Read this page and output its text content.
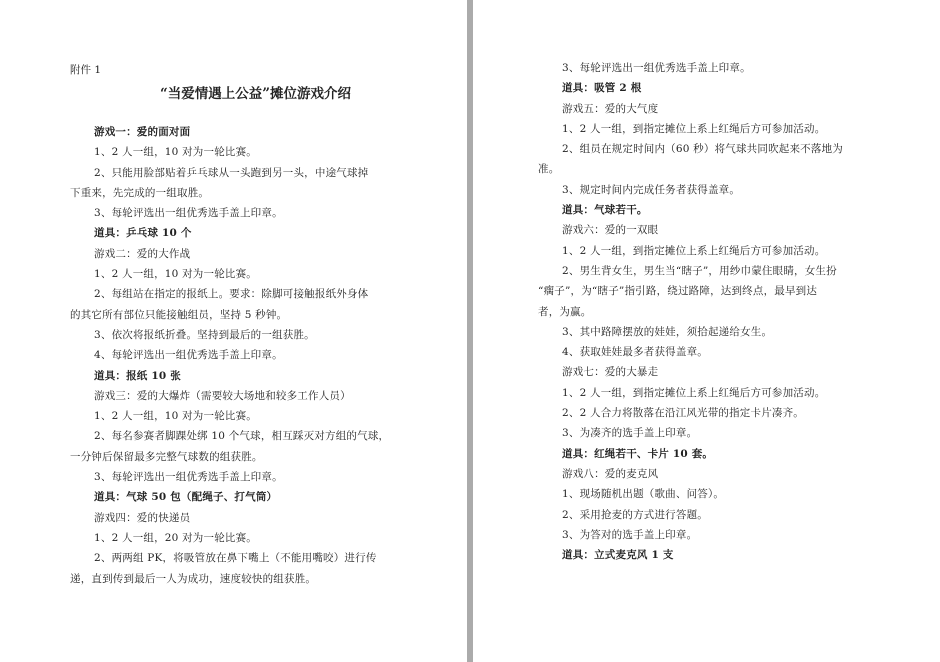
附件 1
“当爱情遇上公益”摊位游戏介绍
游戏一：爱的面对面
1、2 人一组，10 对为一轮比赛。
2、只能用脸部贴着乒乓球从一头跑到另一头，中途气球掉
下重来，先完成的一组取胜。
3、每轮评选出一组优秀选手盖上印章。
道具：乒乓球 10 个
游戏二：爱的大作战
1、2 人一组，10 对为一轮比赛。
2、每组站在指定的报纸上。要求：除脚可接触报纸外身体
的其它所有部位只能接触组员，坚持 5 秒钟。
3、依次将报纸折叠。坚持到最后的一组获胜。
4、每轮评选出一组优秀选手盖上印章。
道具：报纸 10 张
游戏三：爱的大爆炸（需要较大场地和较多工作人员）
1、2 人一组，10 对为一轮比赛。
2、每名参赛者脚踝处绑 10 个气球，相互踩灭对方组的气球，
一分钟后保留最多完整气球数的组获胜。
3、每轮评选出一组优秀选手盖上印章。
道具：气球 50 包（配绳子、打气筒）
游戏四：爱的快递员
1、2 人一组，20 对为一轮比赛。
2、两两组 PK，将吸管放在鼻下嘴上（不能用嘴咬）进行传
递，直到传到最后一人为成功，速度较快的组获胜。
3、每轮评选出一组优秀选手盖上印章。
道具：吸管 2 根
游戏五：爱的大气度
1、2 人一组，到指定摊位上系上红绳后方可参加活动。
2、组员在规定时间内（60 秒）将气球共同吹起来不落地为
准。
3、规定时间内完成任务者获得盖章。
道具：气球若干。
游戏六：爱的一双眼
1、2 人一组，到指定摊位上系上红绳后方可参加活动。
2、男生背女生，男生当“瞎子”，用纱巾蒙住眼睛，女生扮
“瘸子”，为“瞎子”指引路，绕过路障，达到终点，最早到达
者，为赢。
3、其中路障摆放的娃娃，须拾起递给女生。
4、获取娃娃最多者获得盖章。
游戏七：爱的大暴走
1、2 人一组，到指定摊位上系上红绳后方可参加活动。
2、2 人合力将散落在沿江风光带的指定卡片凑齐。
3、为凑齐的选手盖上印章。
道具：红绳若干、卡片 10 套。
游戏八：爱的麦克风
1、现场随机出题（歌曲、问答）。
2、采用抢麦的方式进行答题。
3、为答对的选手盖上印章。
道具：立式麦克风 1 支
